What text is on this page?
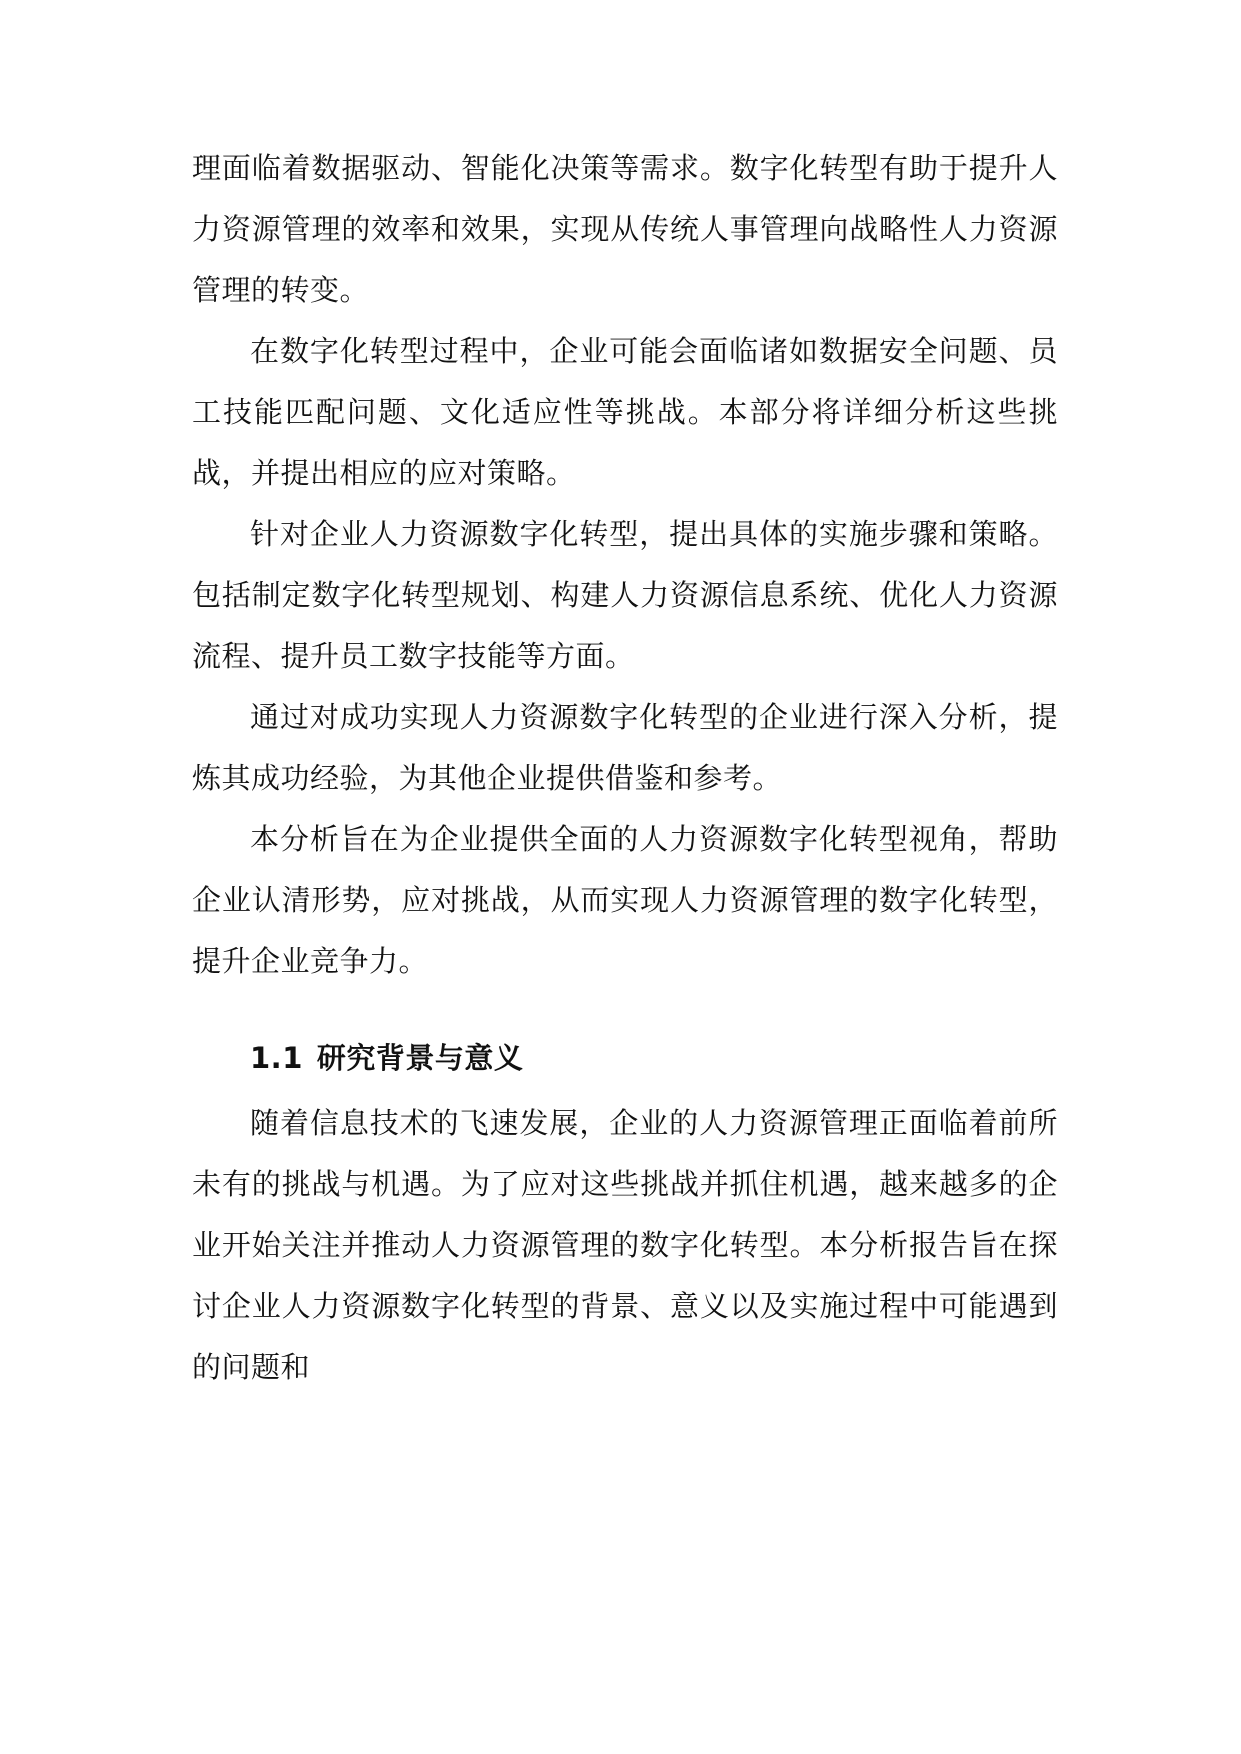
理面临着数据驱动、智能化决策等需求。数字化转型有助于提升人力资源管理的效率和效果，实现从传统人事管理向战略性人力资源管理的转变。

在数字化转型过程中，企业可能会面临诸如数据安全问题、员工技能匹配问题、文化适应性等挑战。本部分将详细分析这些挑战，并提出相应的应对策略。

针对企业人力资源数字化转型，提出具体的实施步骤和策略。包括制定数字化转型规划、构建人力资源信息系统、优化人力资源流程、提升员工数字技能等方面。

通过对成功实现人力资源数字化转型的企业进行深入分析，提炼其成功经验，为其他企业提供借鉴和参考。

本分析旨在为企业提供全面的人力资源数字化转型视角，帮助企业认清形势，应对挑战，从而实现人力资源管理的数字化转型，提升企业竞争力。

1.1 研究背景与意义

随着信息技术的飞速发展，企业的人力资源管理正面临着前所未有的挑战与机遇。为了应对这些挑战并抓住机遇，越来越多的企业开始关注并推动人力资源管理的数字化转型。本分析报告旨在探讨企业人力资源数字化转型的背景、意义以及实施过程中可能遇到的问题和
